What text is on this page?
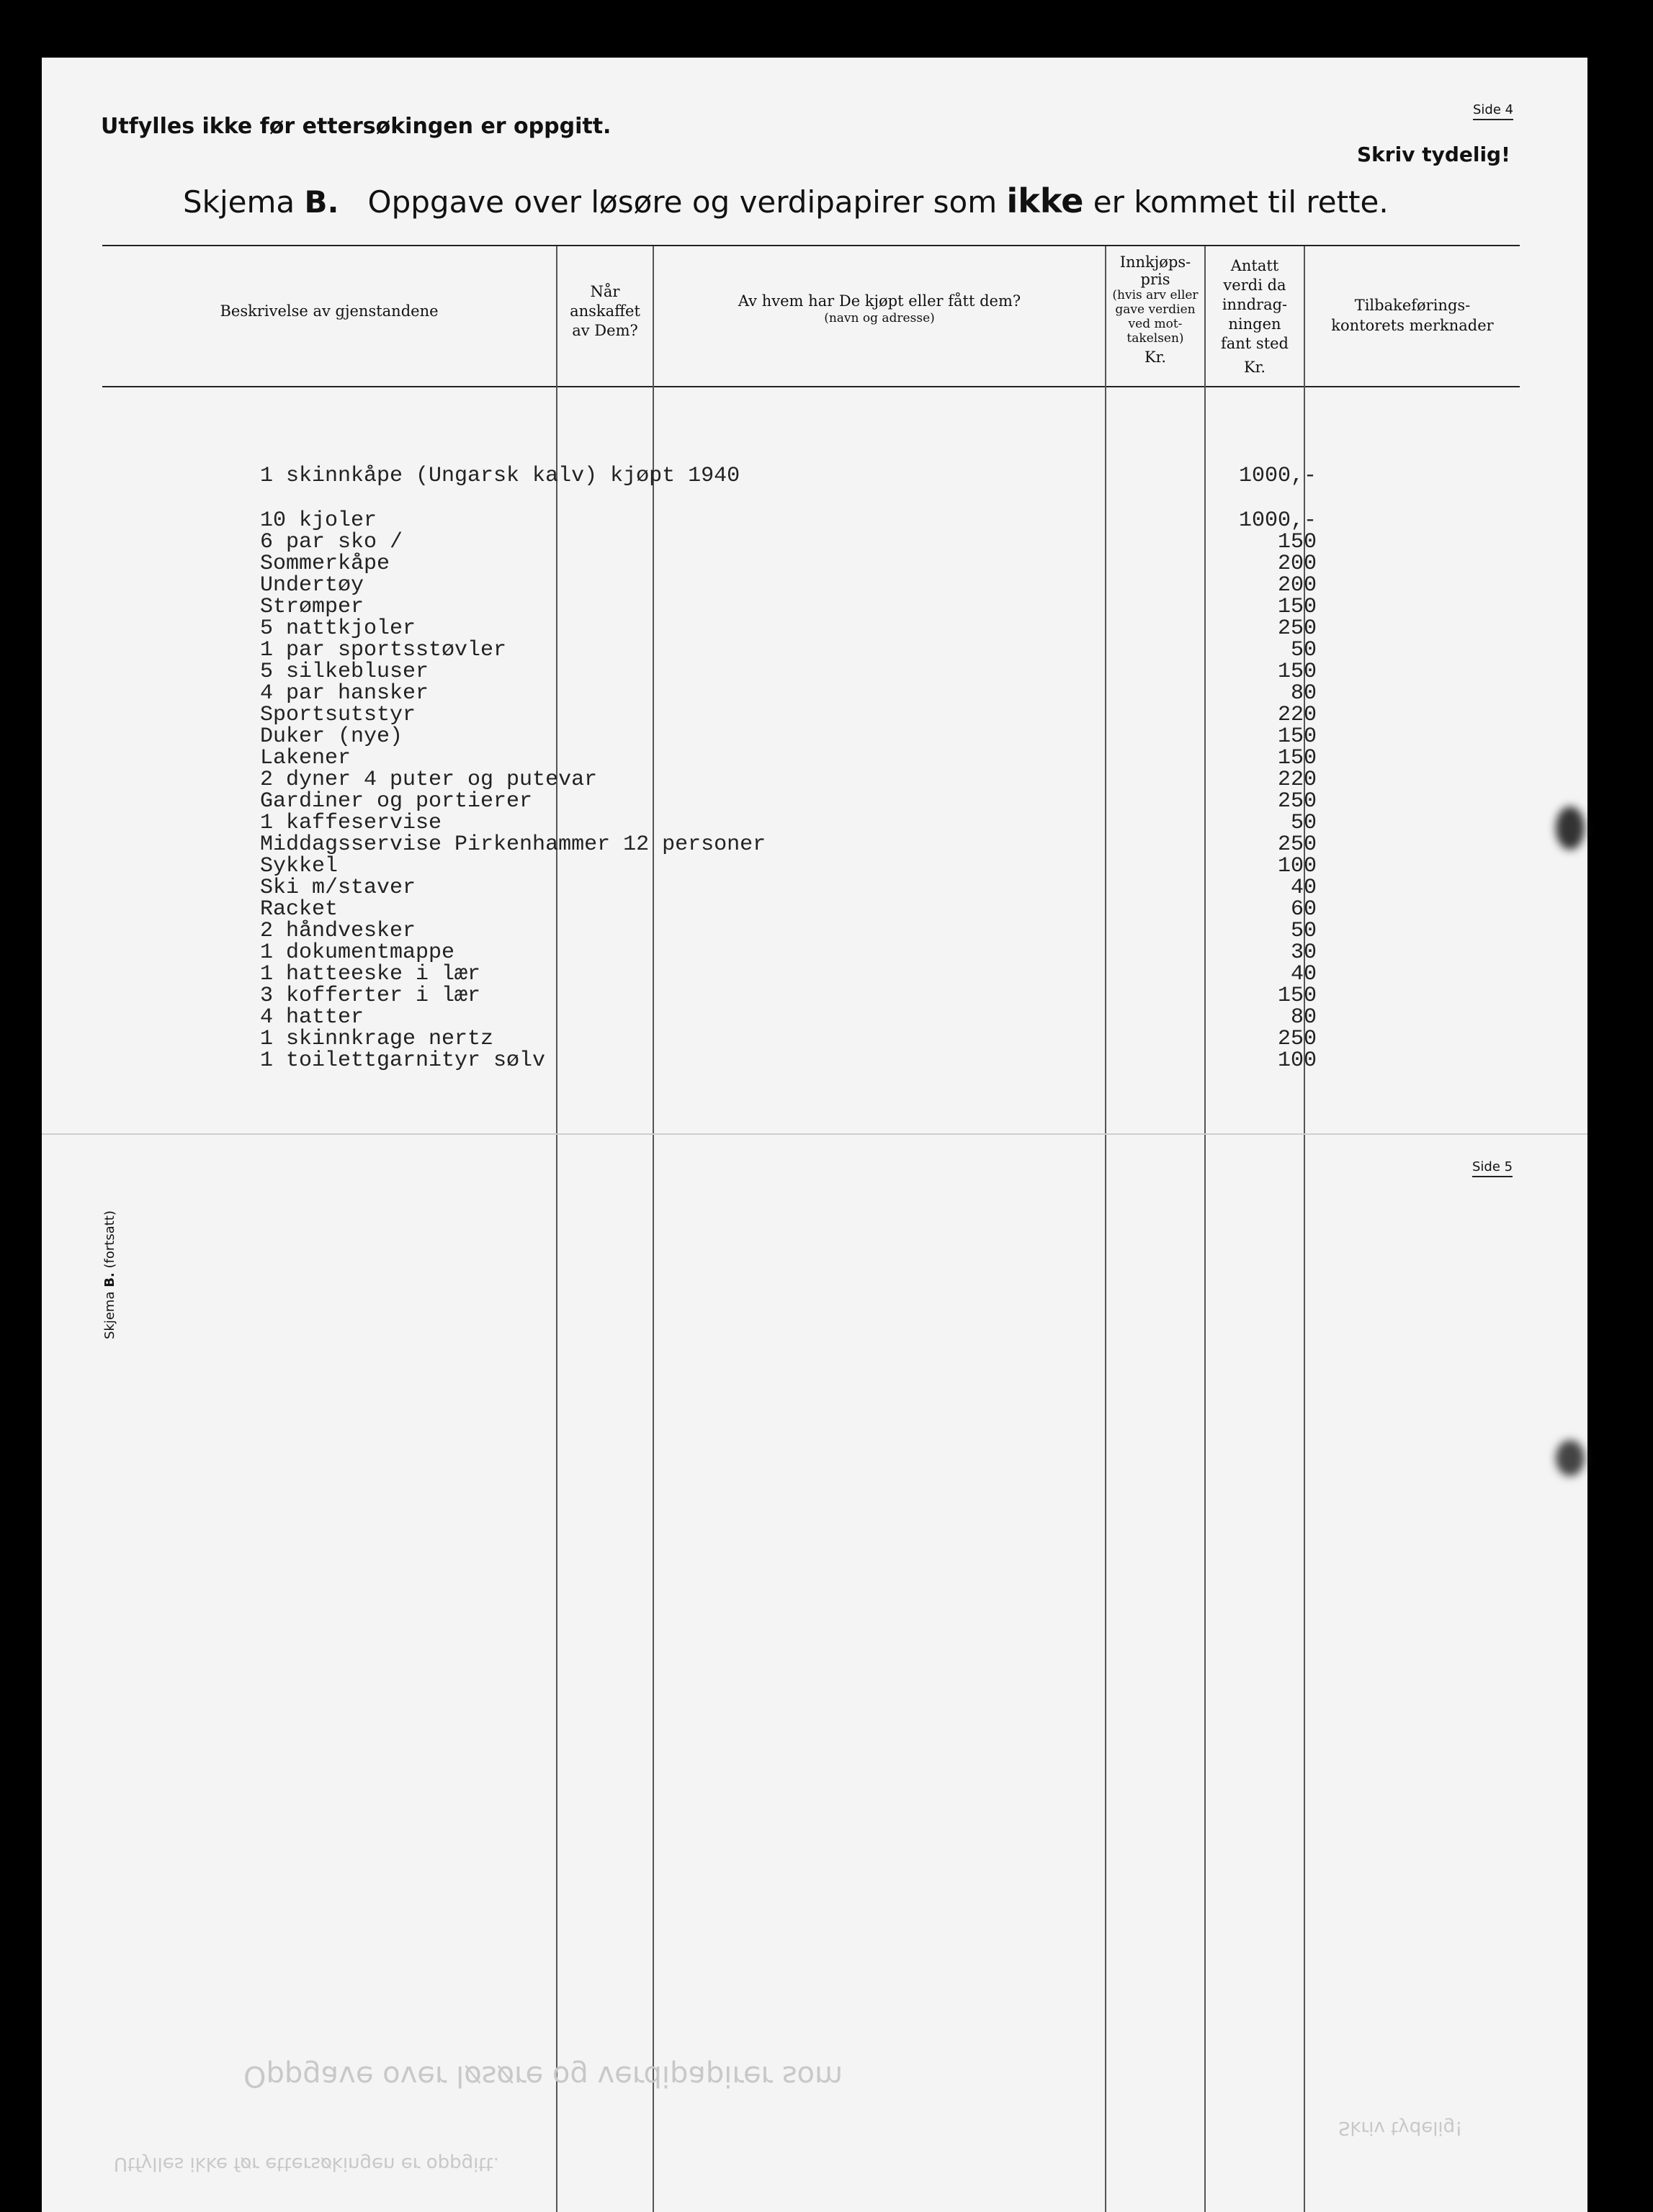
Utfylles ikke før ettersøkingen er oppgitt.
Side 4
Skriv tydelig!
Skjema B. Oppgave over løsøre og verdipapirer som ikke er kommet til rette.
Beskrivelse av gjenstandene
Når
anskaffet
av Dem?
Av hvem har De kjøpt eller fått dem?
(navn og adresse)
Innkjøps-
pris
(hvis arv eller
gave verdien
ved mot-
takelsen)
Kr.
Antatt
verdi da
inndrag-
ningen
fant sted
Kr.
Tilbakeførings-
kontorets merknader
1 skinnkåpe (Ungarsk kalv) kjøpt 1940	1000,-
10 kjoler	1000,-
6 par sko /	150
Sommerkåpe	200
Undertøy	200
Strømper	150
5 nattkjoler	250
1 par sportsstøvler	50
5 silkebluser	150
4 par hansker	80
Sportsutstyr	220
Duker (nye)	150
Lakener	150
2 dyner 4 puter og putevar	220
Gardiner og portierer	250
1 kaffeservise	50
Middagsservise Pirkenhammer 12 personer	250
Sykkel	100
Ski m/staver	40
Racket	60
2 håndvesker	50
1 dokumentmappe	30
1 hatteeske i lær	40
3 kofferter i lær	150
4 hatter	80
1 skinnkrage nertz	250
1 toilettgarnityr sølv	100
Side 5
Skjema B. (fortsatt)
Oppgave over løsøre og verdipapirer som
Utfylles ikke før ettersøkingen er oppgitt.
Skriv tydelig!
